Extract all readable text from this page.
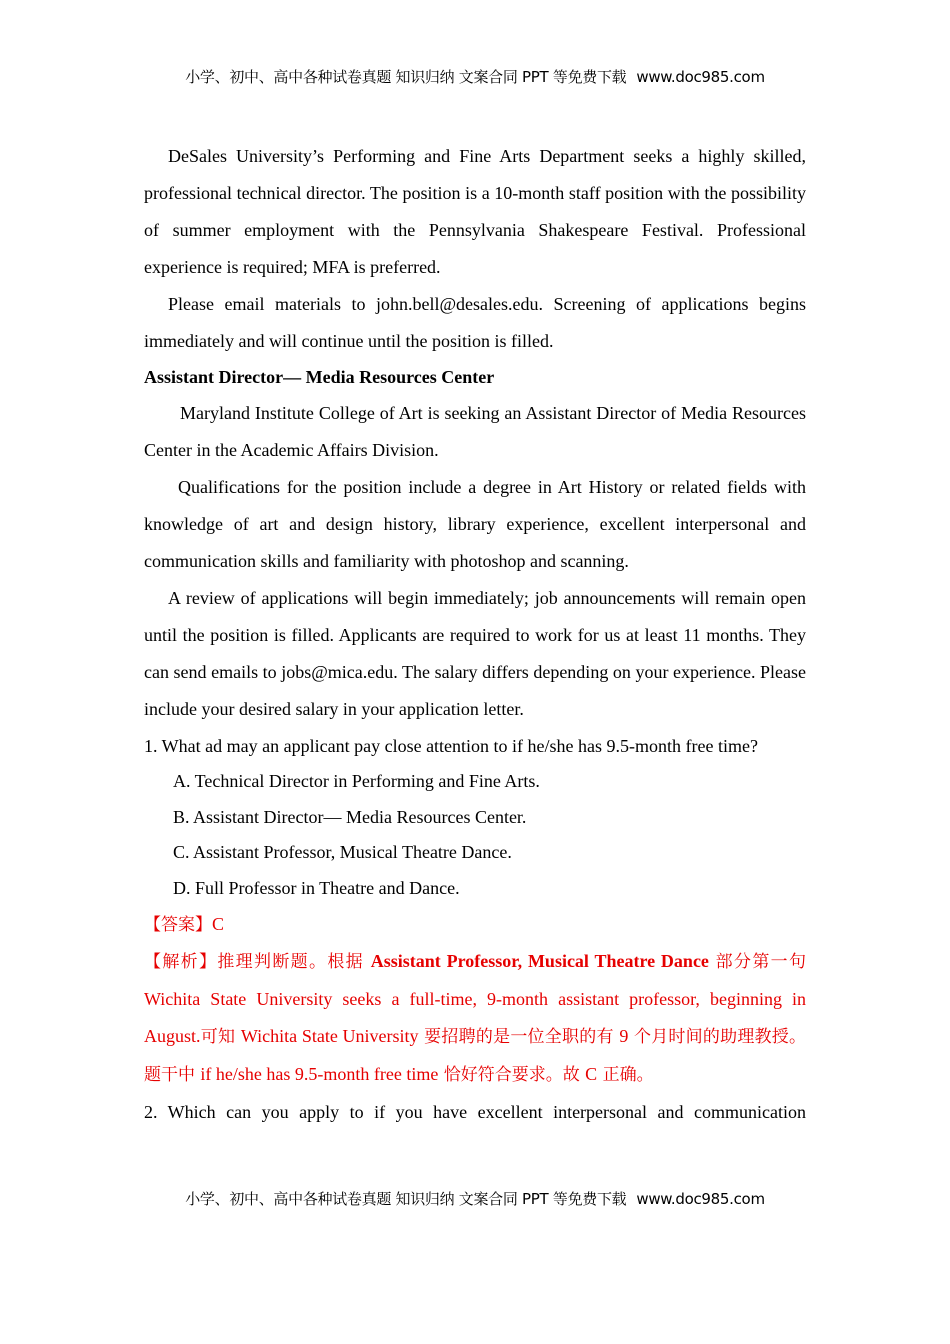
小学、初中、高中各种试卷真题 知识归纳 文案合同 PPT 等免费下载 www.doc985.com

DeSales University’s Performing and Fine Arts Department seeks a highly skilled, professional technical director. The position is a 10-month staff position with the possibility of summer employment with the Pennsylvania Shakespeare Festival. Professional experience is required; MFA is preferred.

Please email materials to john.bell@desales.edu. Screening of applications begins immediately and will continue until the position is filled.

Assistant Director— Media Resources Center

Maryland Institute College of Art is seeking an Assistant Director of Media Resources Center in the Academic Affairs Division.

Qualifications for the position include a degree in Art History or related fields with knowledge of art and design history, library experience, excellent interpersonal and communication skills and familiarity with photoshop and scanning.

A review of applications will begin immediately; job announcements will remain open until the position is filled. Applicants are required to work for us at least 11 months. They can send emails to jobs@mica.edu. The salary differs depending on your experience. Please include your desired salary in your application letter.

1. What ad may an applicant pay close attention to if he/she has 9.5-month free time?

A. Technical Director in Performing and Fine Arts.

B. Assistant Director— Media Resources Center.

C. Assistant Professor, Musical Theatre Dance.

D. Full Professor in Theatre and Dance.

【答案】C

【解析】推理判断题。根据 Assistant Professor, Musical Theatre Dance 部分第一句 Wichita State University seeks a full-time, 9-month assistant professor, beginning in August.可知 Wichita State University 要招聘的是一位全职的有 9 个月时间的助理教授。题干中 if he/she has 9.5-month free time 恰好符合要求。故 C 正确。

2. Which can you apply to if you have excellent interpersonal and communication

小学、初中、高中各种试卷真题 知识归纳 文案合同 PPT 等免费下载 www.doc985.com
